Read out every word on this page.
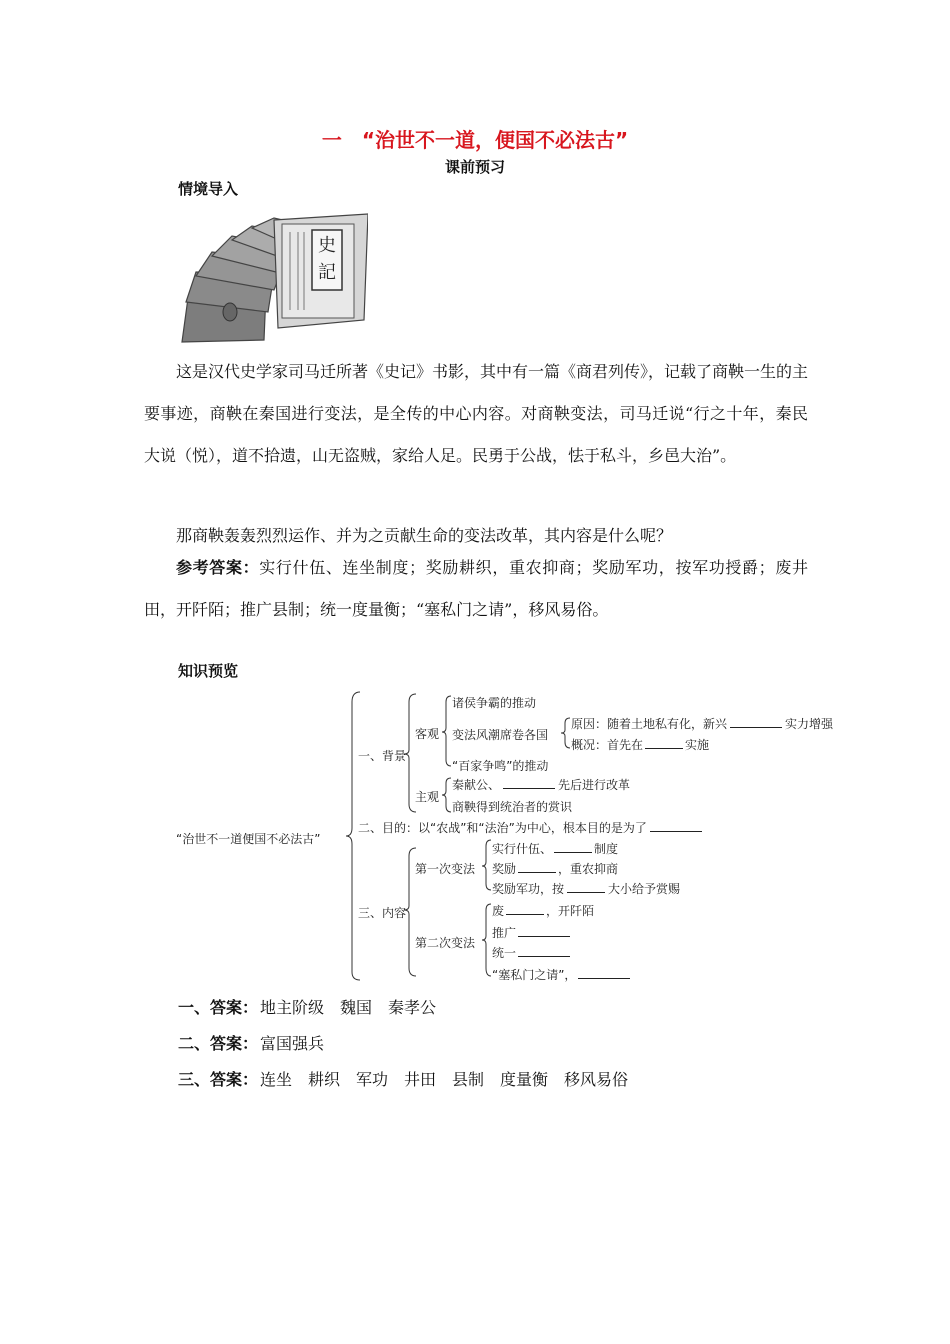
一　“治世不一道，便国不必法古”
课前预习
情境导入
史記

这是汉代史学家司马迁所著《史记》书影，其中有一篇《商君列传》，记载了商鞅一生的主要事迹，商鞅在秦国进行变法，是全传的中心内容。对商鞅变法，司马迁说“行之十年，秦民大说（悦），道不拾遗，山无盗贼，家给人足。民勇于公战，怯于私斗，乡邑大治”。

那商鞅轰轰烈烈运作、并为之贡献生命的变法改革，其内容是什么呢？

参考答案：实行什伍、连坐制度；奖励耕织，重农抑商；奖励军功，按军功授爵；废井田，开阡陌；推广县制；统一度量衡；“塞私门之请”，移风易俗。

知识预览
“治世不一道便国不必法古”
一、背景
客观
诸侯争霸的推动
变法风潮席卷各国
原因：随着土地私有化，新兴	实力增强
概况：首先在	实施
“百家争鸣”的推动
主观
秦献公、	先后进行改革
商鞅得到统治者的赏识
二、目的：以“农战”和“法治”为中心，根本目的是为了
三、内容
第一次变法
实行什伍、	制度
奖励	，重农抑商
奖励军功，按	大小给予赏赐
第二次变法
废	，开阡陌
推广
统一
“塞私门之请”，
一、答案： 地主阶级　魏国　秦孝公
二、答案： 富国强兵
三、答案： 连坐　耕织　军功　井田　县制　度量衡　移风易俗
